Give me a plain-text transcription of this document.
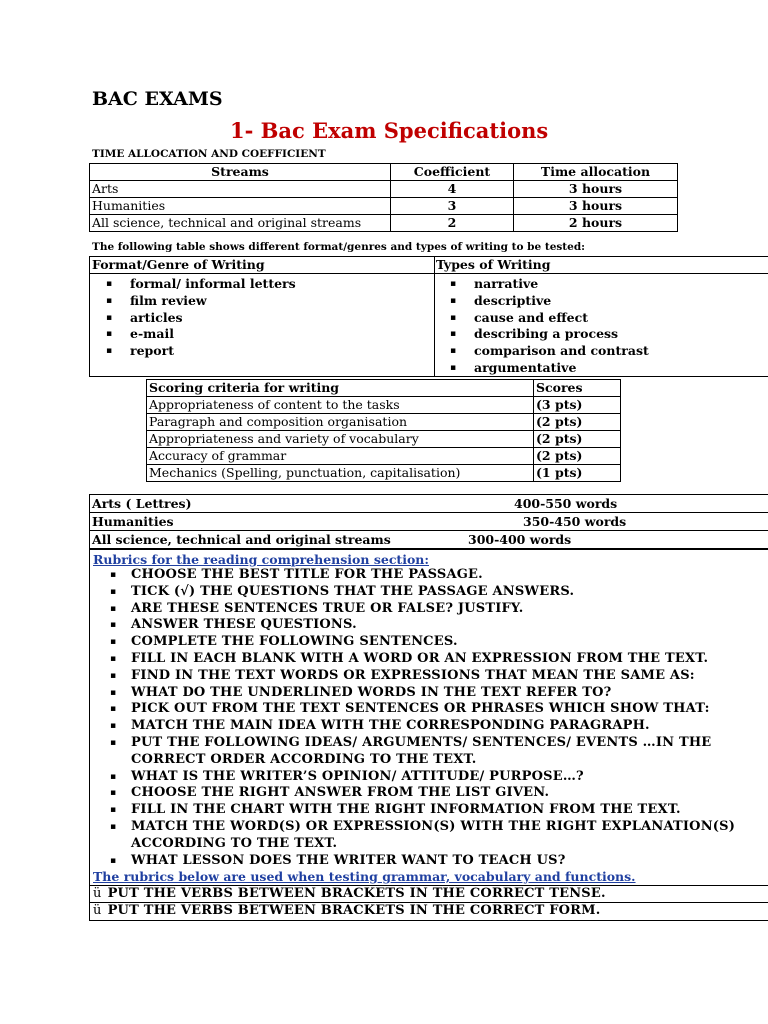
BAC EXAMS
1- Bac Exam Specifications
TIME ALLOCATION AND COEFFICIENT
Streams	Coefficient	Time allocation
Arts	4	3 hours
Humanities	3	3 hours
All science, technical and original streams	2	2 hours
The following table shows different format/genres and types of writing to be tested:
Format/Genre of Writing
▪ formal/ informal letters
▪ film review
▪ articles
▪ e-mail
▪ report
Types of Writing
▪ narrative
▪ descriptive
▪ cause and effect
▪ describing a process
▪ comparison and contrast
▪ argumentative
Scoring criteria for writing	Scores
Appropriateness of content to the tasks	(3 pts)
Paragraph and composition organisation	(2 pts)
Appropriateness and variety of vocabulary	(2 pts)
Accuracy of grammar	(2 pts)
Mechanics (Spelling, punctuation, capitalisation)	(1 pts)
Arts ( Lettres)	400-550 words
Humanities	350-450 words
All science, technical and original streams	300-400 words
Rubrics for the reading comprehension section:
▪ CHOOSE THE BEST TITLE FOR THE PASSAGE.
▪ TICK (√) THE QUESTIONS THAT THE PASSAGE ANSWERS.
▪ ARE THESE SENTENCES TRUE OR FALSE? JUSTIFY.
▪ ANSWER THESE QUESTIONS.
▪ COMPLETE THE FOLLOWING SENTENCES.
▪ FILL IN EACH BLANK WITH A WORD OR AN EXPRESSION FROM THE TEXT.
▪ FIND IN THE TEXT WORDS OR EXPRESSIONS THAT MEAN THE SAME AS:
▪ WHAT DO THE UNDERLINED WORDS IN THE TEXT REFER TO?
▪ PICK OUT FROM THE TEXT SENTENCES OR PHRASES WHICH SHOW THAT:
▪ MATCH THE MAIN IDEA WITH THE CORRESPONDING PARAGRAPH.
▪ PUT THE FOLLOWING IDEAS/ ARGUMENTS/ SENTENCES/ EVENTS …IN THE CORRECT ORDER ACCORDING TO THE TEXT.
▪ WHAT IS THE WRITER’S OPINION/ ATTITUDE/ PURPOSE…?
▪ CHOOSE THE RIGHT ANSWER FROM THE LIST GIVEN.
▪ FILL IN THE CHART WITH THE RIGHT INFORMATION FROM THE TEXT.
▪ MATCH THE WORD(S) OR EXPRESSION(S) WITH THE RIGHT EXPLANATION(S) ACCORDING TO THE TEXT.
▪ WHAT LESSON DOES THE WRITER WANT TO TEACH US?
The rubrics below are used when testing grammar, vocabulary and functions.
ü PUT THE VERBS BETWEEN BRACKETS IN THE CORRECT TENSE.
ü PUT THE VERBS BETWEEN BRACKETS IN THE CORRECT FORM.
